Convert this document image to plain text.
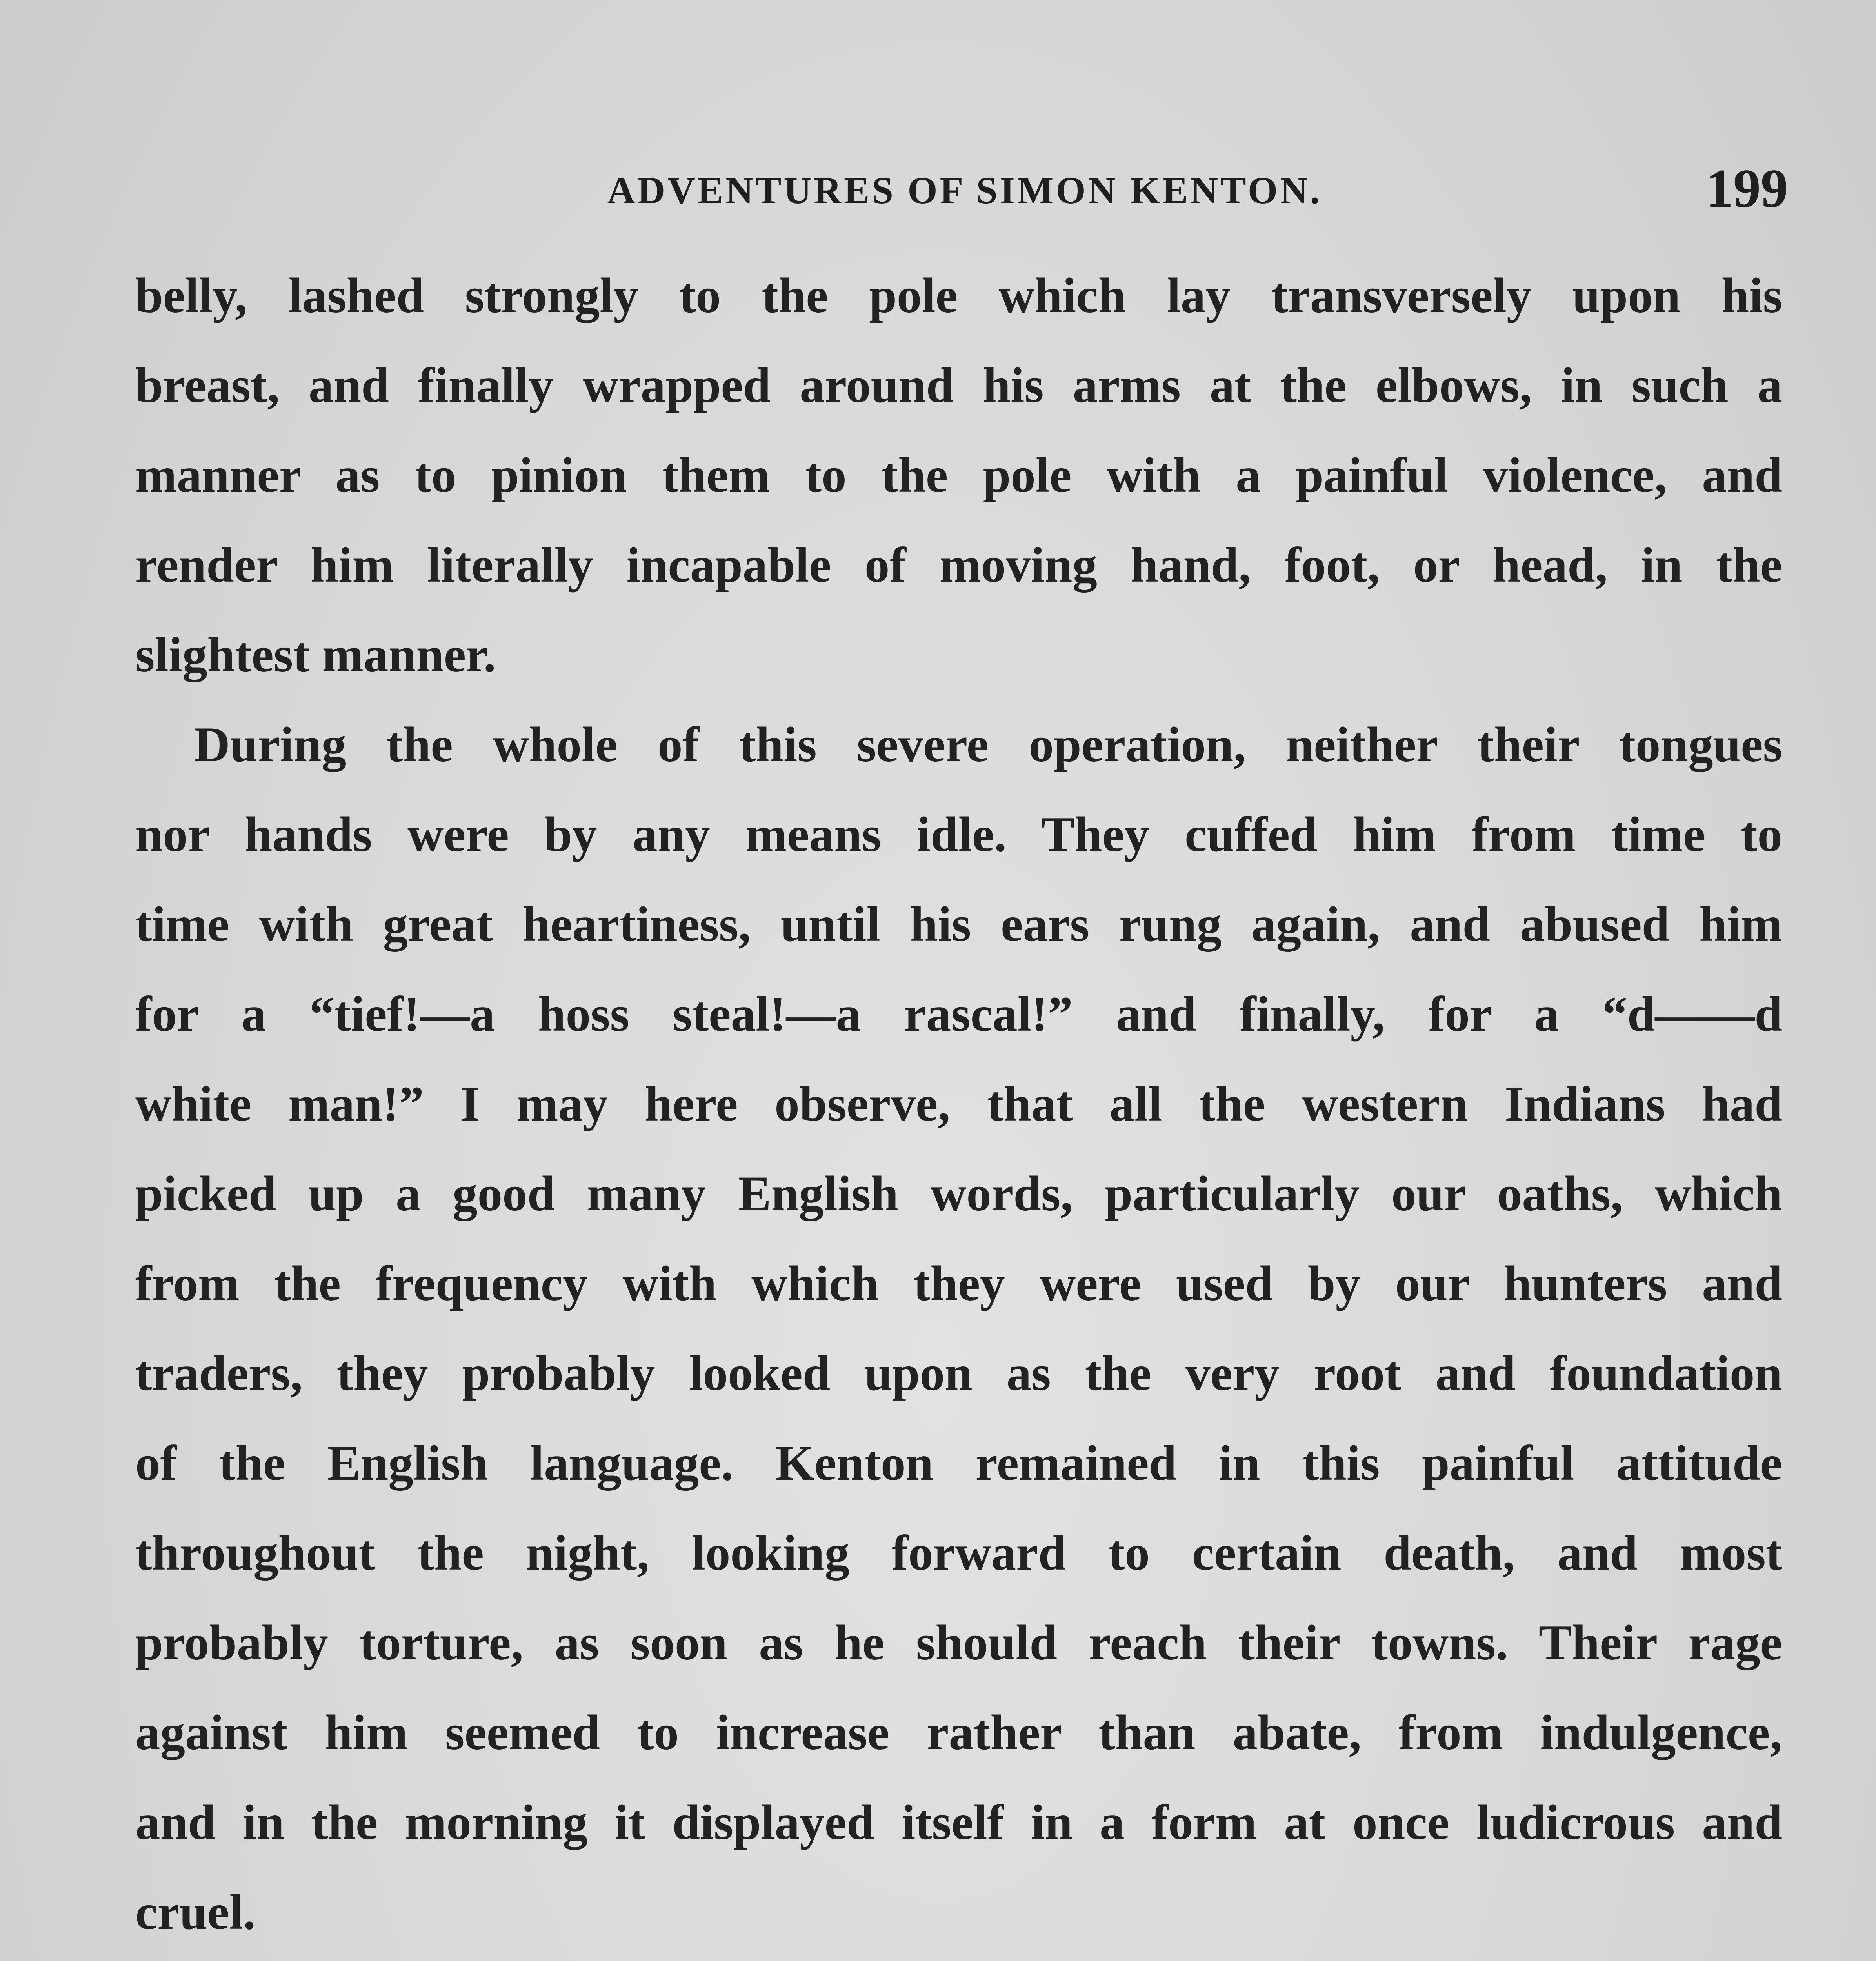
ADVENTURES OF SIMON KENTON.	199
belly, lashed strongly to the pole which lay transversely upon his
breast, and finally wrapped around his arms at the elbows, in such a
manner as to pinion them to the pole with a painful violence, and
render him literally incapable of moving hand, foot, or head, in the
slightest manner.
During the whole of this severe operation, neither their tongues
nor hands were by any means idle. They cuffed him from time to
time with great heartiness, until his ears rung again, and abused him
for a “tief!—a hoss steal!—a rascal!” and finally, for a “d——d
white man!” I may here observe, that all the western Indians had
picked up a good many English words, particularly our oaths, which
from the frequency with which they were used by our hunters and
traders, they probably looked upon as the very root and foundation
of the English language. Kenton remained in this painful attitude
throughout the night, looking forward to certain death, and most
probably torture, as soon as he should reach their towns. Their rage
against him seemed to increase rather than abate, from indulgence,
and in the morning it displayed itself in a form at once ludicrous and
cruel.
